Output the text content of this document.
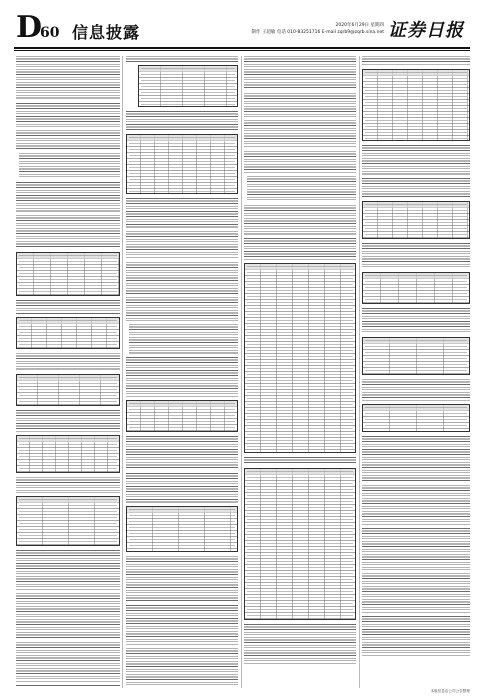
D
60 信息披露	2020年6月29日 星期四
制作 王超敏 电话 010-83251716 E-mail zqrb9@zqrb.sina.net 证券日报
本版信息由公司公告整理
